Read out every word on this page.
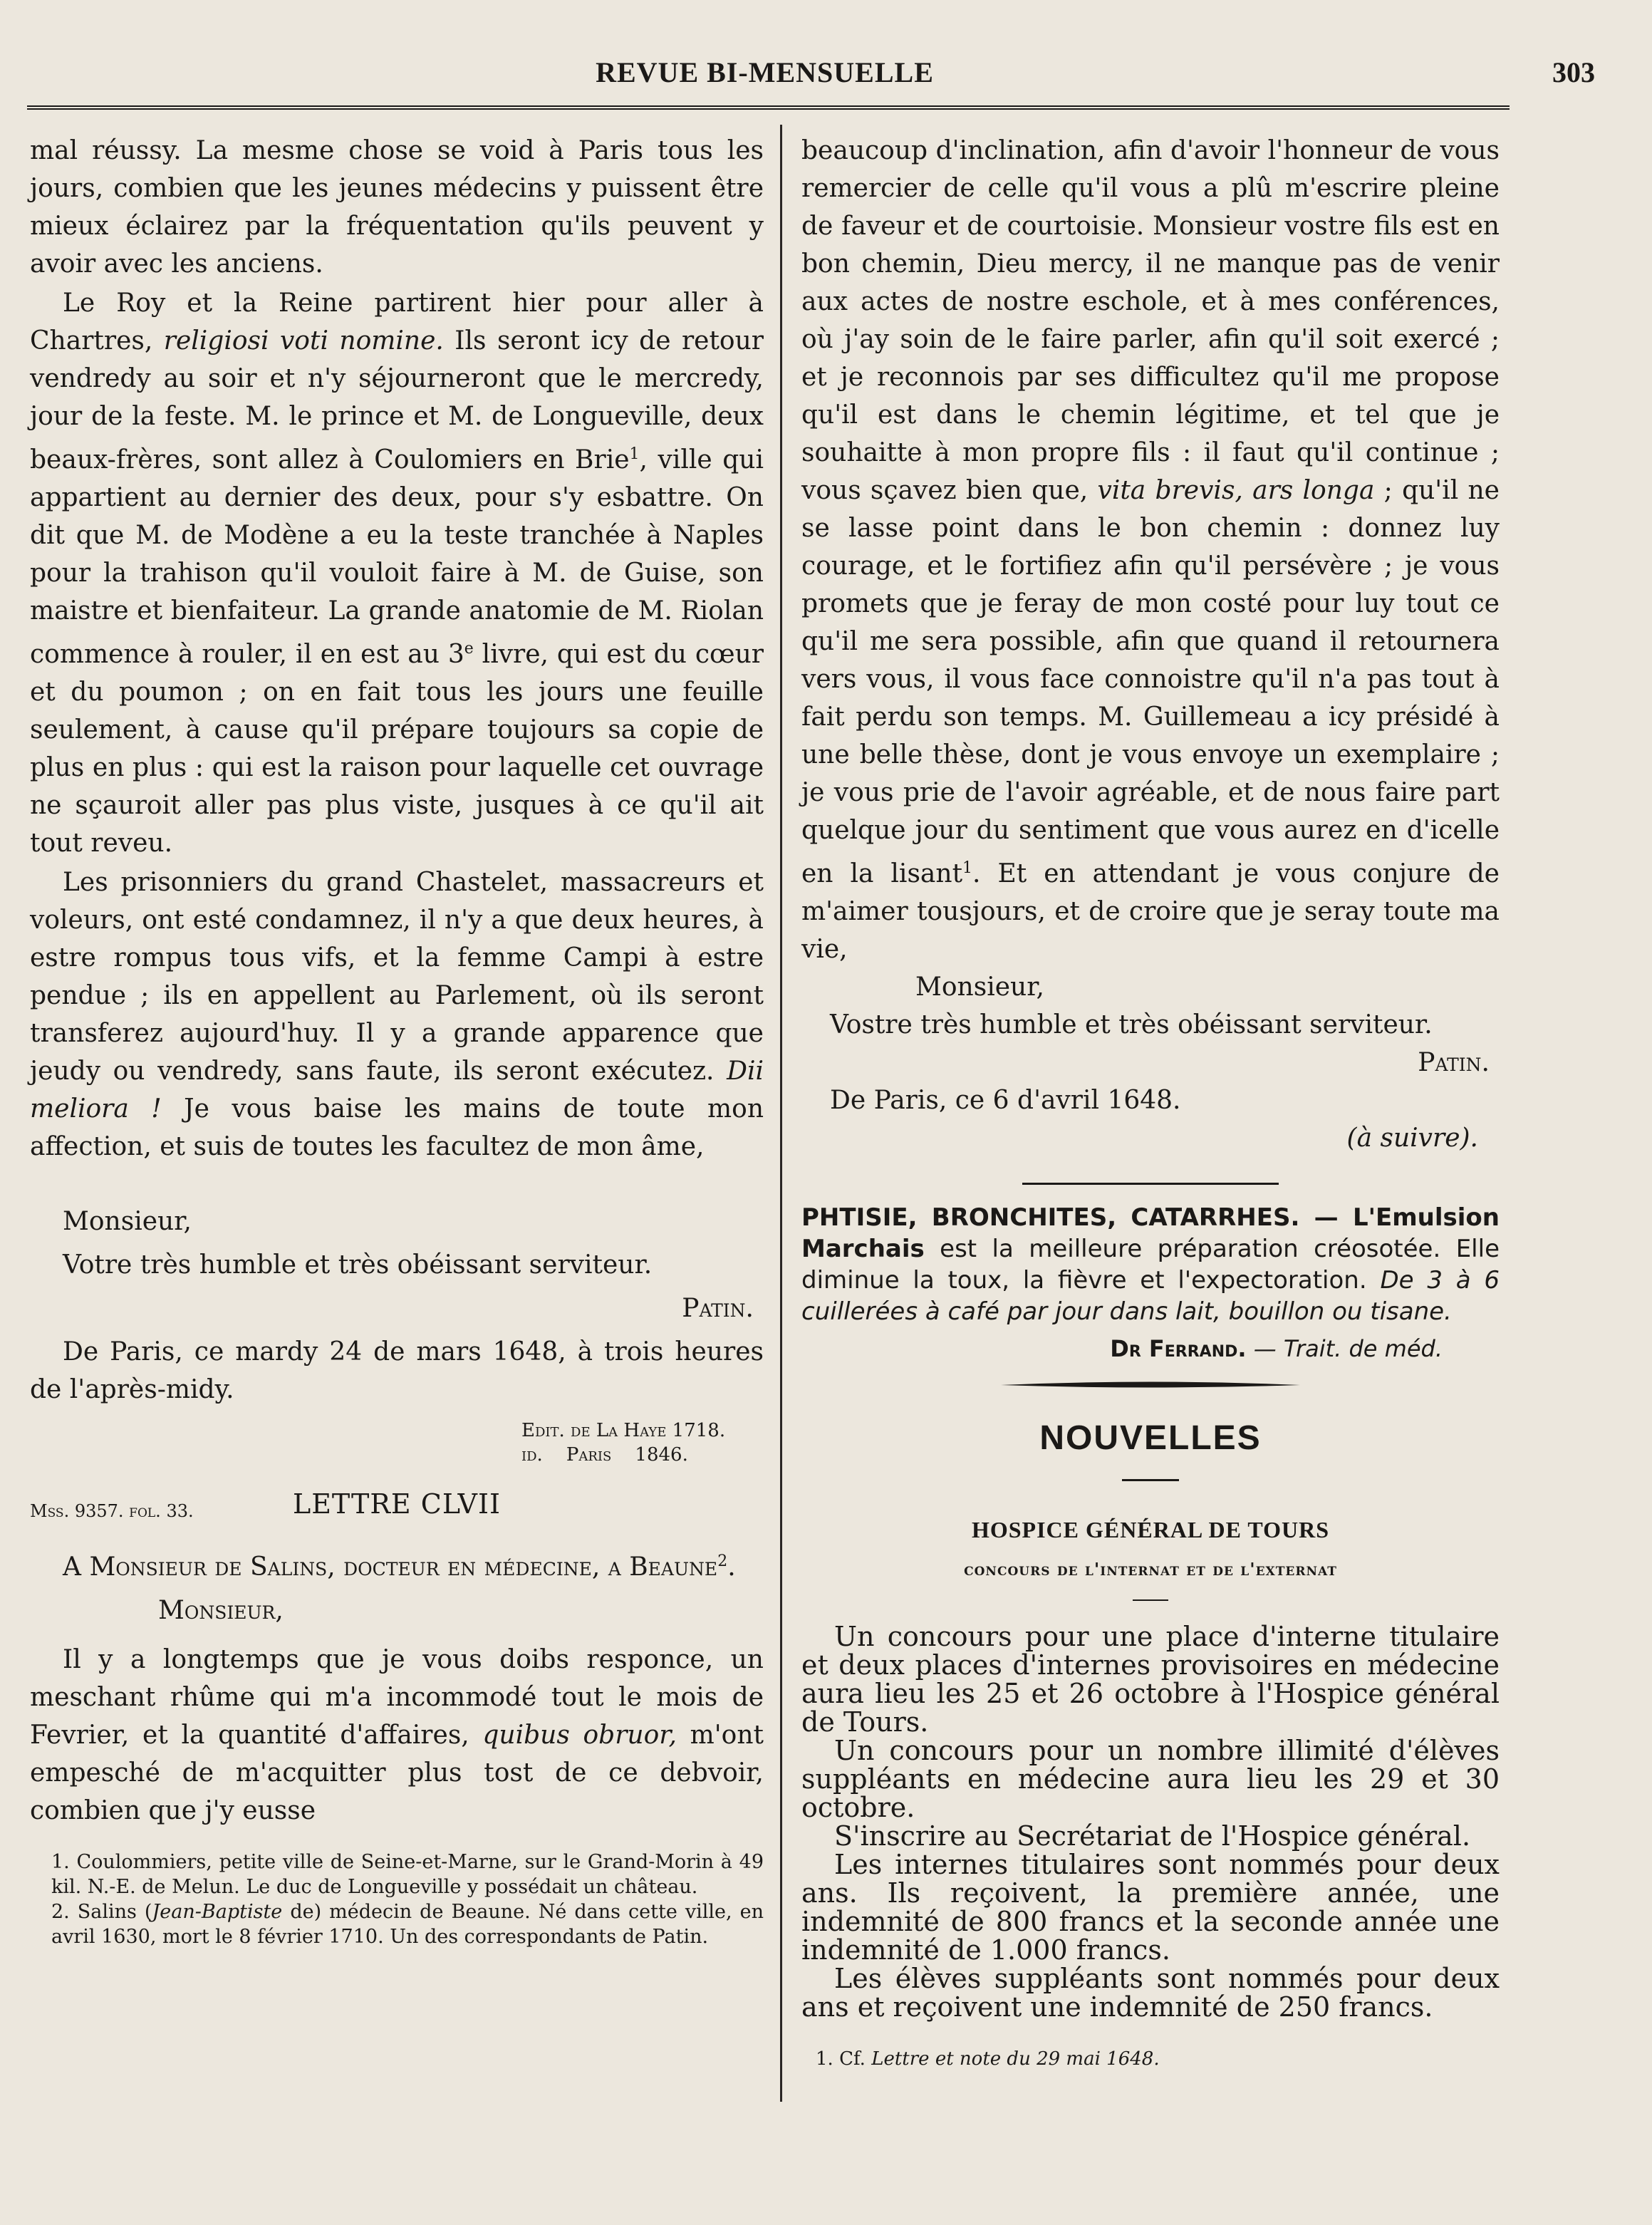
REVUE BI-MENSUELLE	303

mal réussy. La mesme chose se void à Paris tous les jours, combien que les jeunes médecins y puissent être mieux éclairez par la fréquentation qu'ils peuvent y avoir avec les anciens.

Le Roy et la Reine partirent hier pour aller à Chartres, religiosi voti nomine. Ils seront icy de retour vendredy au soir et n'y séjourneront que le mercredy, jour de la feste. M. le prince et M. de Longueville, deux beaux-frères, sont allez à Coulomiers en Brie$^1$, ville qui appartient au dernier des deux, pour s'y esbattre. On dit que M. de Modène a eu la teste tranchée à Naples pour la trahison qu'il vouloit faire à M. de Guise, son maistre et bienfaiteur. La grande anatomie de M. Riolan commence à rouler, il en est au 3e livre, qui est du cœur et du poumon ; on en fait tous les jours une feuille seulement, à cause qu'il prépare toujours sa copie de plus en plus : qui est la raison pour laquelle cet ouvrage ne sçauroit aller pas plus viste, jusques à ce qu'il ait tout reveu.

Les prisonniers du grand Chastelet, massacreurs et voleurs, ont esté condamnez, il n'y a que deux heures, à estre rompus tous vifs, et la femme Campi à estre pendue ; ils en appellent au Parlement, où ils seront transferez aujourd'huy. Il y a grande apparence que jeudy ou vendredy, sans faute, ils seront exécutez. Dii meliora ! Je vous baise les mains de toute mon affection, et suis de toutes les facultez de mon âme,

Monsieur,

Votre très humble et très obéissant serviteur.

Patin.

De Paris, ce mardy 24 de mars 1648, à trois heures de l'après-midy.

Edit. de La Haye 1718.
id.    Paris    1846.
Mss. 9357. fol. 33.	LETTRE CLVII

A Monsieur de Salins, docteur en médecine, a Beaune$^2$.

Monsieur,

Il y a longtemps que je vous doibs responce, un meschant rhûme qui m'a incommodé tout le mois de Fevrier, et la quantité d'affaires, quibus obruor, m'ont empesché de m'acquitter plus tost de ce debvoir, combien que j'y eusse

1. Coulommiers, petite ville de Seine-et-Marne, sur le Grand-Morin à 49 kil. N.-E. de Melun. Le duc de Longueville y possédait un château.

2. Salins (Jean-Baptiste de) médecin de Beaune. Né dans cette ville, en avril 1630, mort le 8 février 1710. Un des correspondants de Patin.

beaucoup d'inclination, afin d'avoir l'honneur de vous remercier de celle qu'il vous a plû m'escrire pleine de faveur et de courtoisie. Monsieur vostre fils est en bon chemin, Dieu mercy, il ne manque pas de venir aux actes de nostre eschole, et à mes conférences, où j'ay soin de le faire parler, afin qu'il soit exercé ; et je reconnois par ses difficultez qu'il me propose qu'il est dans le chemin légitime, et tel que je souhaitte à mon propre fils : il faut qu'il continue ; vous sçavez bien que, vita brevis, ars longa ; qu'il ne se lasse point dans le bon chemin : donnez luy courage, et le fortifiez afin qu'il persévère ; je vous promets que je feray de mon costé pour luy tout ce qu'il me sera possible, afin que quand il retournera vers vous, il vous face connoistre qu'il n'a pas tout à fait perdu son temps. M. Guillemeau a icy présidé à une belle thèse, dont je vous envoye un exemplaire ; je vous prie de l'avoir agréable, et de nous faire part quelque jour du sentiment que vous aurez en d'icelle en la lisant$^1$. Et en attendant je vous conjure de m'aimer tousjours, et de croire que je seray toute ma vie,

Monsieur,

Vostre très humble et très obéissant serviteur.

Patin.

De Paris, ce 6 d'avril 1648.

(à suivre).

PHTISIE, BRONCHITES, CATARRHES. — L'Emulsion Marchais est la meilleure préparation créosotée. Elle diminue la toux, la fièvre et l'expectoration. De 3 à 6 cuillerées à café par jour dans lait, bouillon ou tisane.

Dr Ferrand. — Trait. de méd.

NOUVELLES
HOSPICE GÉNÉRAL DE TOURS
concours de l'internat et de l'externat

Un concours pour une place d'interne titulaire et deux places d'internes provisoires en médecine aura lieu les 25 et 26 octobre à l'Hospice général de Tours.

Un concours pour un nombre illimité d'élèves suppléants en médecine aura lieu les 29 et 30 octobre.

S'inscrire au Secrétariat de l'Hospice général.

Les internes titulaires sont nommés pour deux ans. Ils reçoivent, la première année, une indemnité de 800 francs et la seconde année une indemnité de 1.000 francs.

Les élèves suppléants sont nommés pour deux ans et reçoivent une indemnité de 250 francs.

1. Cf. Lettre et note du 29 mai 1648.
